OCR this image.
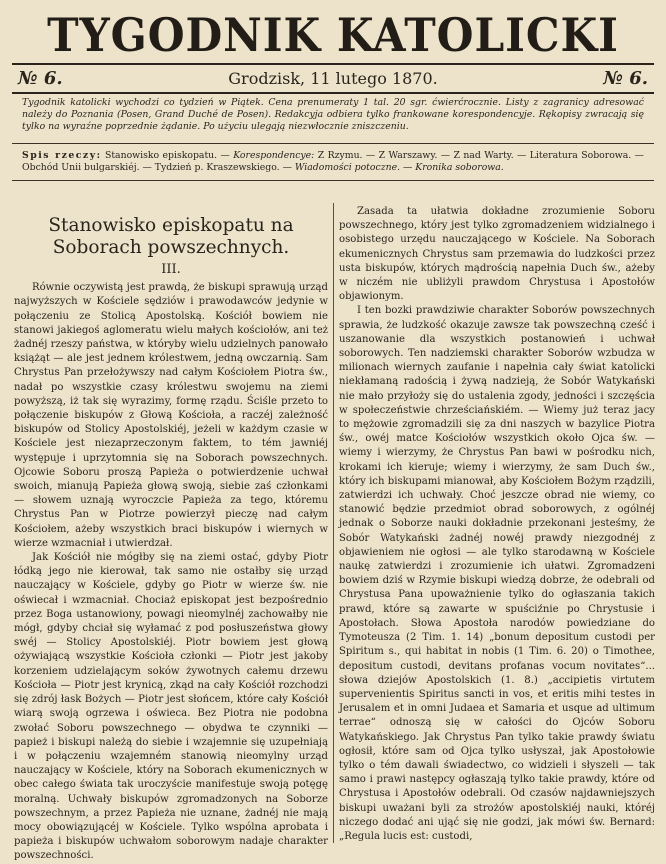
TYGODNIK KATOLICKI
№ 6.	Grodzisk, 11 lutego 1870.	№ 6.
Tygodnik katolicki wychodzi co tydzień w Piątek. Cena prenumeraty 1 tal. 20 sgr. ćwierćrocznie. Listy z zagranicy adresować należy do Poznania (Posen, Grand Duché de Posen). Redakcyja odbiera tylko frankowane korespondencyje. Rękopisy zwracają się tylko na wyraźne poprzednie żądanie. Po użyciu ulegają niezwłocznie zniszczeniu.
Spis rzeczy: Stanowisko episkopatu. — Korespondencye: Z Rzymu. — Z Warszawy. — Z nad Warty. — Literatura Soborowa. — Obchód Unii bulgarskiéj. — Tydzień p. Kraszewskiego. — Wiadomości potoczne. — Kronika soborowa.
Stanowisko episkopatu na Soborach powszechnych.
III.

Równie oczywistą jest prawdą, że biskupi sprawują urząd najwyższych w Kościele sędziów i prawodawców jedynie w połączeniu ze Stolicą Apostolską. Kościół bowiem nie stanowi jakiegoś aglomeratu wielu małych kościołów, ani też żadnéj rzeszy państwa, w któryby wielu udzielnych panowało książąt — ale jest jednem królestwem, jedną owczarnią. Sam Chrystus Pan przełożywszy nad całym Kościołem Piotra św., nadał po wszystkie czasy królestwu swojemu na ziemi powyższą, iż tak się wyrazimy, formę rządu. Ściśle przeto to połączenie biskupów z Głową Kościoła, a raczéj zależność biskupów od Stolicy Apostolskiéj, jeżeli w każdym czasie w Kościele jest niezaprzeczonym faktem, to tém jawniéj występuje i uprzytomnia się na Soborach powszechnych. Ojcowie Soboru proszą Papieża o potwierdzenie uchwał swoich, mianują Papieża głową swoją, siebie zaś członkami — słowem uznają wyroczcie Papieża za tego, któremu Chrystus Pan w Piotrze powierzył pieczę nad całym Kościołem, ażeby wszystkich braci biskupów i wiernych w wierze wzmacniał i utwierdzał.

Jak Kościół nie mógłby się na ziemi ostać, gdyby Piotr łódką jego nie kierował, tak samo nie ostałby się urząd nauczający w Kościele, gdyby go Piotr w wierze św. nie oświecał i wzmacniał. Chociaż episkopat jest bezpośrednio przez Boga ustanowiony, powagi nieomylnéj zachowałby nie mógł, gdyby chciał się wyłamać z pod posłuszeństwa głowy swéj — Stolicy Apostolskiéj. Piotr bowiem jest głową ożywiającą wszystkie Kościoła członki — Piotr jest jakoby korzeniem udzielającym soków żywotnych całemu drzewu Kościoła — Piotr jest krynicą, zkąd na cały Kościół rozchodzi się zdrój łask Bożych — Piotr jest słońcem, które cały Kościół wiarą swoją ogrzewa i oświeca. Bez Piotra nie podobna zwołać Soboru powszechnego — obydwa te czynniki — papież i biskupi należą do siebie i wzajemnie się uzupełniają i w połączeniu wzajemném stanowią nieomylny urząd nauczający w Kościele, który na Soborach ekumenicznych w obec całego świata tak uroczyście manifestuje swoją potęgę moralną. Uchwały biskupów zgromadzonych na Soborze powszechnym, a przez Papieża nie uznane, żadnéj nie mają mocy obowiązującéj w Kościele. Tylko wspólna aprobata i papieża i biskupów uchwałom soborowym nadaje charakter powszechności.

Zasada ta ułatwia dokładne zrozumienie Soboru powszechnego, który jest tylko zgromadzeniem widzialnego i osobistego urzędu nauczającego w Kościele. Na Soborach ekumenicznych Chrystus sam przemawia do ludzkości przez usta biskupów, których mądrością napełnia Duch św., ażeby w niczém nie ubliżyli prawdom Chrystusa i Apostołów objawionym.

I ten bozki prawdziwie charakter Soborów powszechnych sprawia, że ludzkość okazuje zawsze tak powszechną cześć i uszanowanie dla wszystkich postanowień i uchwał soborowych. Ten nadziemski charakter Soborów wzbudza w milionach wiernych zaufanie i napełnia cały świat katolicki niekłamaną radością i żywą nadzieją, że Sobór Watykański nie mało przyłoży się do ustalenia zgody, jedności i szczęścia w społeczeństwie chrześciańskiém. — Wiemy już teraz jacy to mężowie zgromadzili się za dni naszych w bazylice Piotra św., owéj matce Kościołów wszystkich około Ojca św. — wiemy i wierzymy, że Chrystus Pan bawi w pośrodku nich, krokami ich kieruje; wiemy i wierzymy, że sam Duch św., który ich biskupami mianował, aby Kościołem Bożym rządzili, zatwierdzi ich uchwały. Choć jeszcze obrad nie wiemy, co stanowić będzie przedmiot obrad soborowych, z ogólnéj jednak o Soborze nauki dokładnie przekonani jesteśmy, że Sobór Watykański żadnéj nowéj prawdy niezgodnéj z objawieniem nie ogłosi — ale tylko starodawną w Kościele naukę zatwierdzi i zrozumienie ich ułatwi. Zgromadzeni bowiem dziś w Rzymie biskupi wiedzą dobrze, że odebrali od Chrystusa Pana upoważnienie tylko do ogłaszania takich prawd, które są zawarte w spuściźnie po Chrystusie i Apostołach. Słowa Apostoła narodów powiedziane do Tymoteusza (2 Tim. 1. 14) „bonum depositum custodi per Spiritum s., qui habitat in nobis (1 Tim. 6. 20) o Timothee, depositum custodi, devitans profanas vocum novitates“... słowa dziejów Apostolskich (1. 8.) „accipietis virtutem supervenientis Spiritus sancti in vos, et eritis mihi testes in Jerusalem et in omni Judaea et Samaria et usque ad ultimum terrae“ odnoszą się w całości do Ojców Soboru Watykańskiego. Jak Chrystus Pan tylko takie prawdy światu ogłosił, które sam od Ojca tylko usłyszał, jak Apostołowie tylko o tém dawali świadectwo, co widzieli i słyszeli — tak samo i prawi następcy ogłaszają tylko takie prawdy, które od Chrystusa i Apostołów odebrali. Od czasów najdawniejszych biskupi uważani byli za strożów apostolskiéj nauki, któréj niczego dodać ani ująć się nie godzi, jak mówi św. Bernard: „Regula lucis est: custodi,
